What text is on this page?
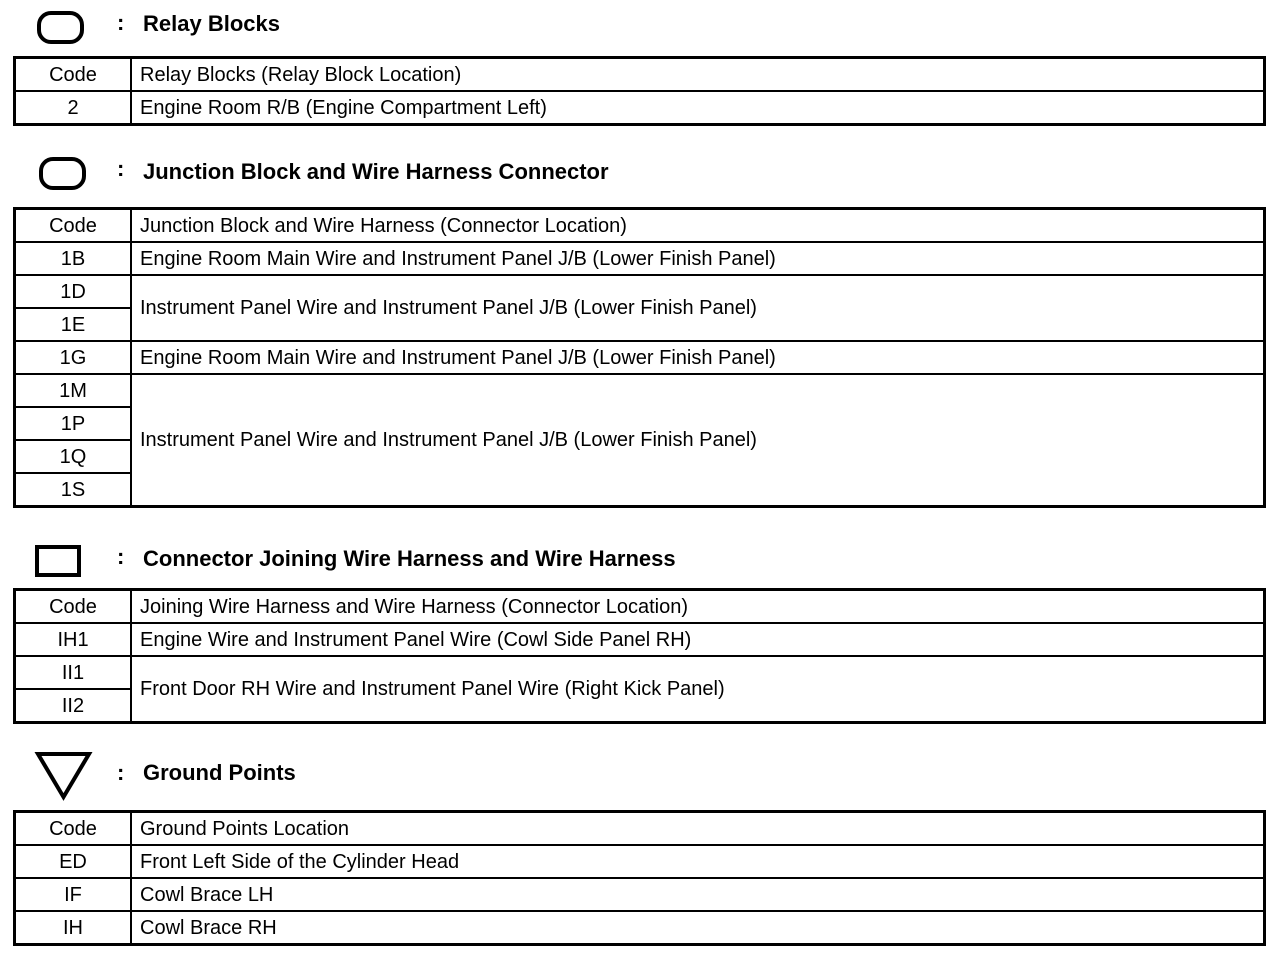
: Relay Blocks
Code	Relay Blocks (Relay Block Location)
2	Engine Room R/B (Engine Compartment Left)
: Junction Block and Wire Harness Connector
Code	Junction Block and Wire Harness (Connector Location)
1B	Engine Room Main Wire and Instrument Panel J/B (Lower Finish Panel)
1D	Instrument Panel Wire and Instrument Panel J/B (Lower Finish Panel)
1E	
1G	Engine Room Main Wire and Instrument Panel J/B (Lower Finish Panel)
1M	Instrument Panel Wire and Instrument Panel J/B (Lower Finish Panel)
1P	
1Q	
1S	
: Connector Joining Wire Harness and Wire Harness
Code	Joining Wire Harness and Wire Harness (Connector Location)
IH1	Engine Wire and Instrument Panel Wire (Cowl Side Panel RH)
II1	Front Door RH Wire and Instrument Panel Wire (Right Kick Panel)
II2	
: Ground Points
Code	Ground Points Location
ED	Front Left Side of the Cylinder Head
IF	Cowl Brace LH
IH	Cowl Brace RH
